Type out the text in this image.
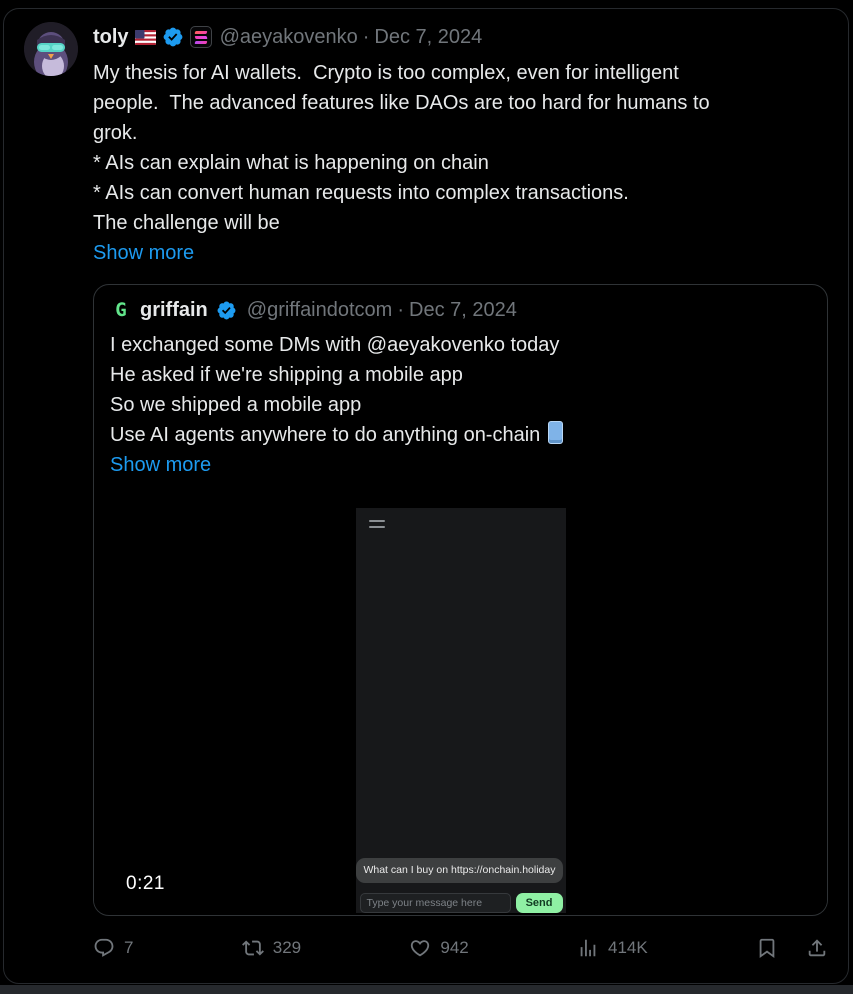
toly	@aeyakovenko · Dec 7, 2024
My thesis for AI wallets.  Crypto is too complex, even for intelligent
people.  The advanced features like DAOs are too hard for humans to
grok.
* AIs can explain what is happening on chain
* AIs can convert human requests into complex transactions.
The challenge will be
Show more
G griffain @griffaindotcom · Dec 7, 2024
I exchanged some DMs with @aeyakovenko today
He asked if we're shipping a mobile app
So we shipped a mobile app
Use AI agents anywhere to do anything on-chain
Show more
What can I buy on https://onchain.holiday
Type your message here	Send
0:21
7	329	942	414K
